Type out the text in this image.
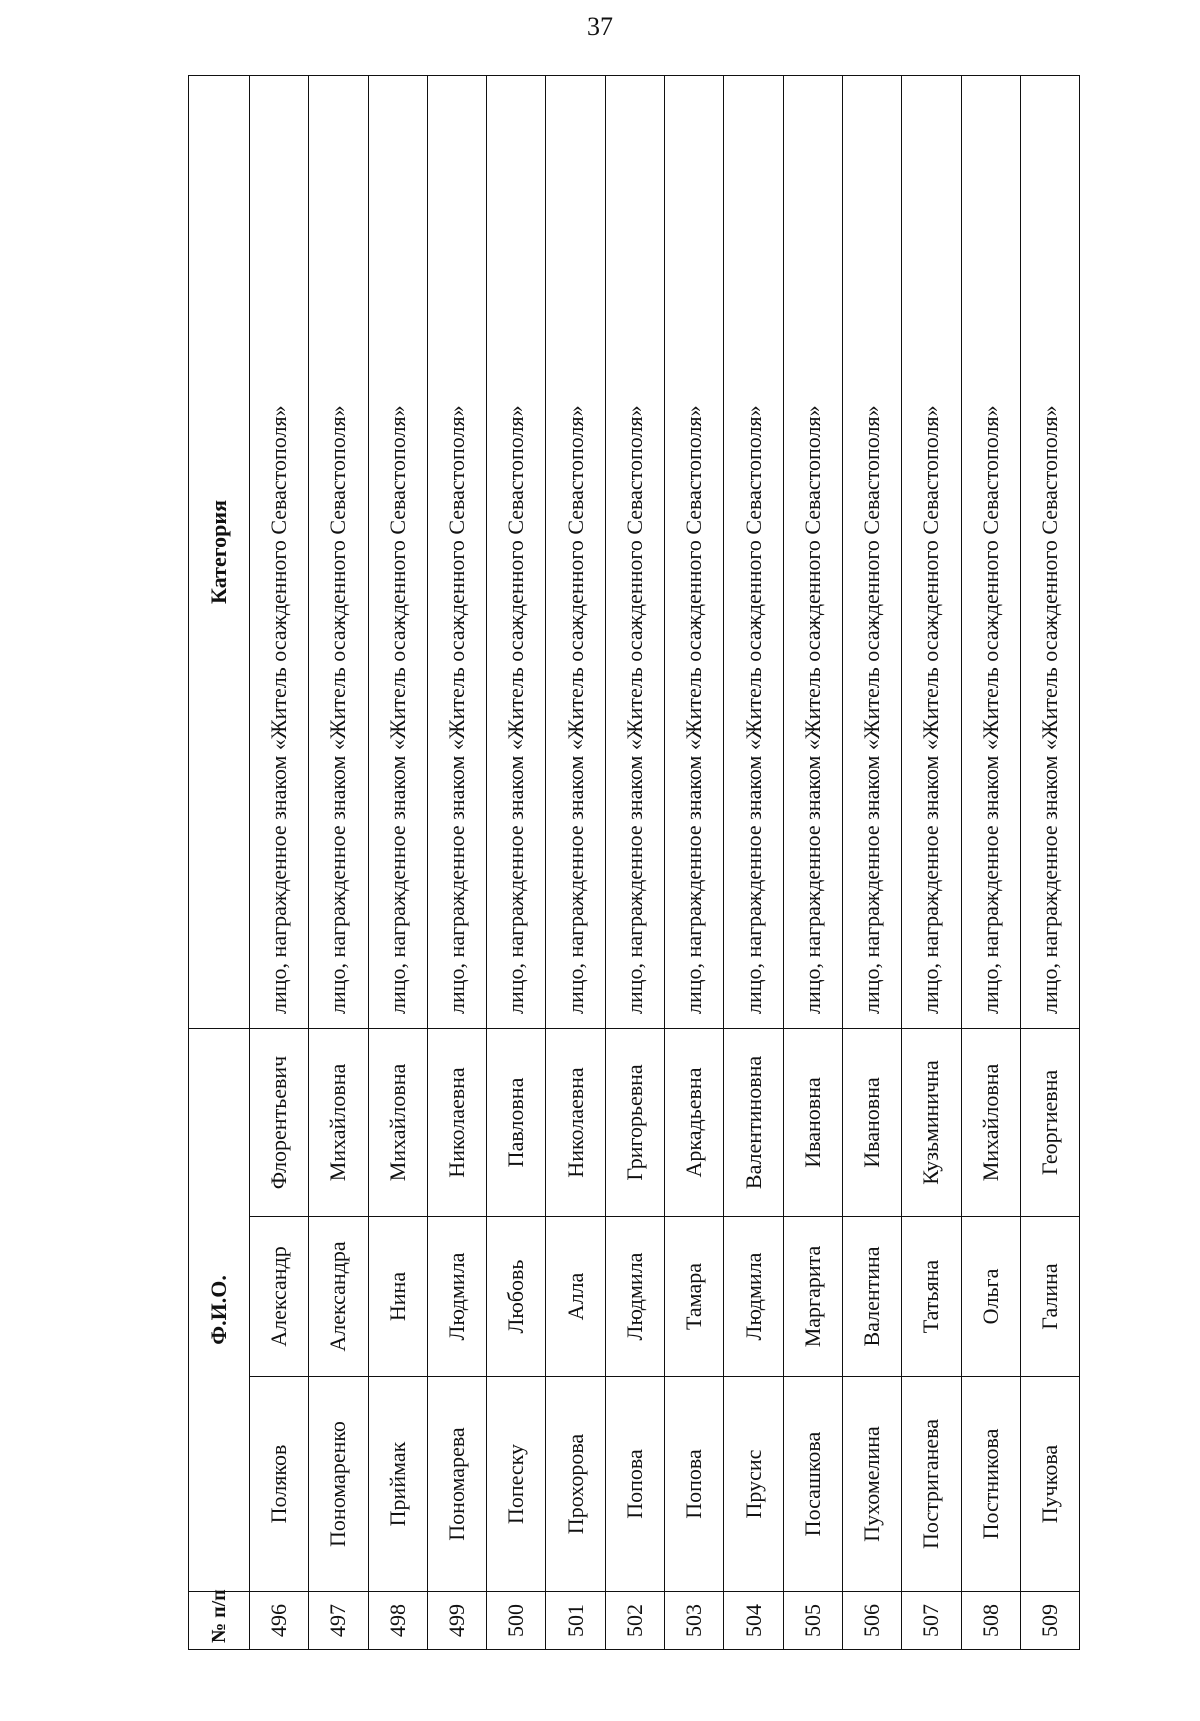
37
№ п/п	Ф.И.О.			Категория
496	Поляков	Александр	Флорентьевич	лицо, награжденное знаком «Житель осажденного Севастополя»
497	Пономаренко	Александра	Михайловна	лицо, награжденное знаком «Житель осажденного Севастополя»
498	Приймак	Нина	Михайловна	лицо, награжденное знаком «Житель осажденного Севастополя»
499	Пономарева	Людмила	Николаевна	лицо, награжденное знаком «Житель осажденного Севастополя»
500	Попеску	Любовь	Павловна	лицо, награжденное знаком «Житель осажденного Севастополя»
501	Прохорова	Алла	Николаевна	лицо, награжденное знаком «Житель осажденного Севастополя»
502	Попова	Людмила	Григорьевна	лицо, награжденное знаком «Житель осажденного Севастополя»
503	Попова	Тамара	Аркадьевна	лицо, награжденное знаком «Житель осажденного Севастополя»
504	Прусис	Людмила	Валентиновна	лицо, награжденное знаком «Житель осажденного Севастополя»
505	Посашкова	Маргарита	Ивановна	лицо, награжденное знаком «Житель осажденного Севастополя»
506	Пухомелина	Валентина	Ивановна	лицо, награжденное знаком «Житель осажденного Севастополя»
507	Постриганева	Татьяна	Кузьминична	лицо, награжденное знаком «Житель осажденного Севастополя»
508	Постникова	Ольга	Михайловна	лицо, награжденное знаком «Житель осажденного Севастополя»
509	Пучкова	Галина	Георгиевна	лицо, награжденное знаком «Житель осажденного Севастополя»
